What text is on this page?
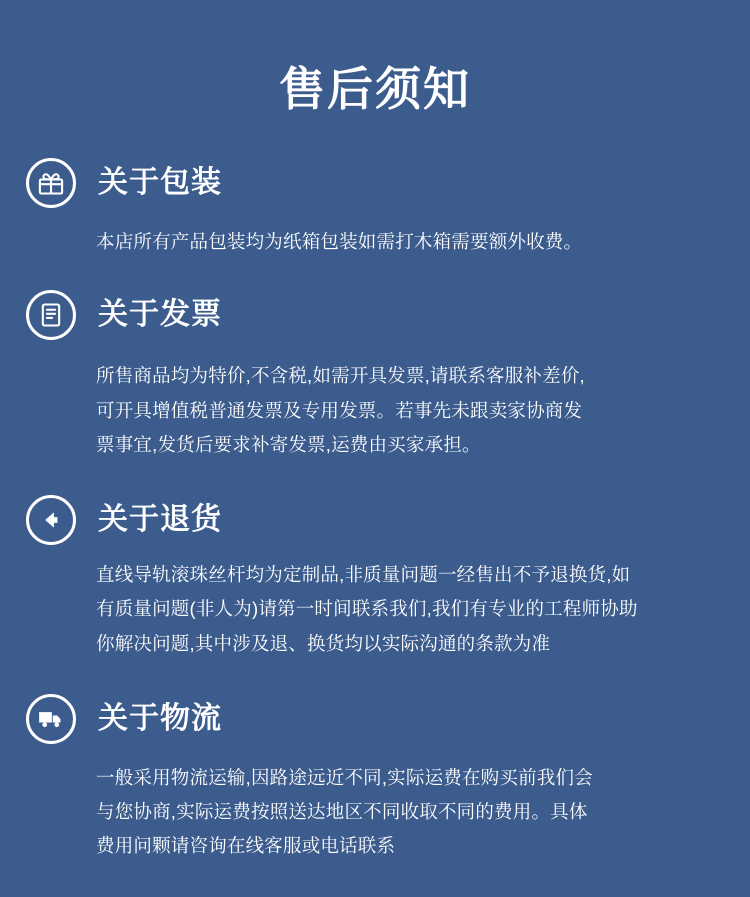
售后须知
关于包装

本店所有产品包装均为纸箱包装如需打木箱需要额外收费。

关于发票

所售商品均为特价,不含税,如需开具发票,请联系客服补差价,

可开具增值税普通发票及专用发票。若事先未跟卖家协商发

票事宜,发货后要求补寄发票,运费由买家承担。

关于退货

直线导轨滚珠丝杆均为定制品,非质量问题一经售出不予退换货,如

有质量问题(非人为)请第一时间联系我们,我们有专业的工程师协助

你解决问题,其中涉及退、换货均以实际沟通的条款为准

关于物流

一般采用物流运输,因路途远近不同,实际运费在购买前我们会

与您协商,实际运费按照送达地区不同收取不同的费用。具体

费用问颗请咨询在线客服或电话联系
